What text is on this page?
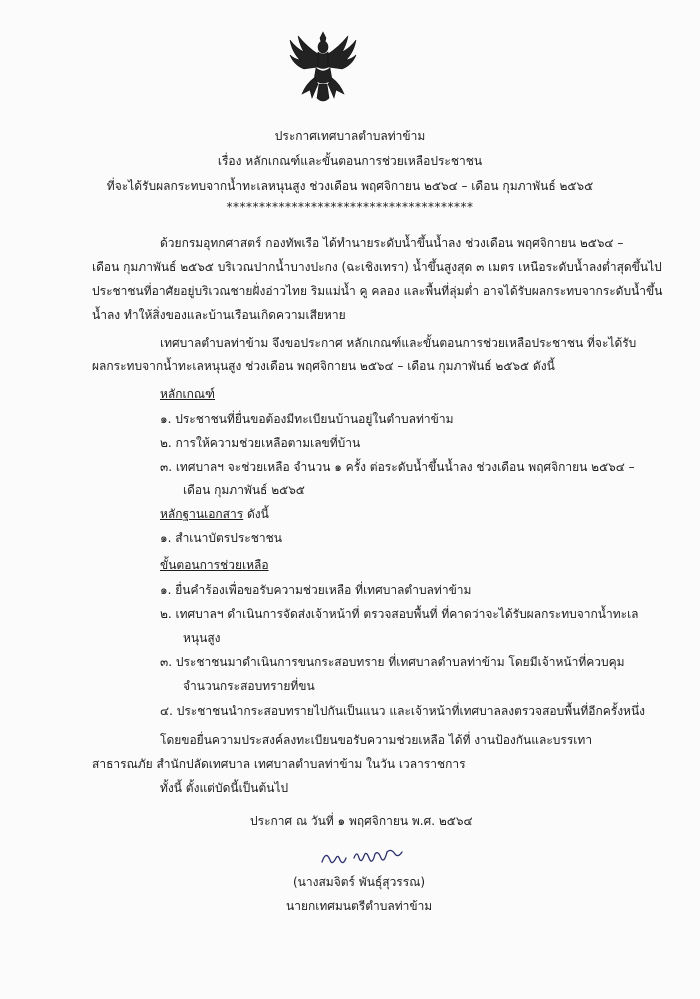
ประกาศเทศบาลตำบลท่าข้าม
เรื่อง หลักเกณฑ์และขั้นตอนการช่วยเหลือประชาชน
ที่จะได้รับผลกระทบจากน้ำทะเลหนุนสูง ช่วงเดือน พฤศจิกายน ๒๕๖๔ – เดือน กุมภาพันธ์ ๒๕๖๕
**************************************
ด้วยกรมอุทกศาสตร์ กองทัพเรือ ได้ทำนายระดับน้ำขึ้นน้ำลง ช่วงเดือน พฤศจิกายน ๒๕๖๔ –
เดือน กุมภาพันธ์ ๒๕๖๕ บริเวณปากน้ำบางปะกง (ฉะเชิงเทรา) น้ำขึ้นสูงสุด ๓ เมตร เหนือระดับน้ำลงต่ำสุดขึ้นไป
ประชาชนที่อาศัยอยู่บริเวณชายฝั่งอ่าวไทย ริมแม่น้ำ คู คลอง และพื้นที่ลุ่มต่ำ อาจได้รับผลกระทบจากระดับน้ำขึ้น
น้ำลง ทำให้สิ่งของและบ้านเรือนเกิดความเสียหาย
เทศบาลตำบลท่าข้าม จึงขอประกาศ หลักเกณฑ์และขั้นตอนการช่วยเหลือประชาชน ที่จะได้รับ
ผลกระทบจากน้ำทะเลหนุนสูง ช่วงเดือน พฤศจิกายน ๒๕๖๔ – เดือน กุมภาพันธ์ ๒๕๖๕ ดังนี้
หลักเกณฑ์
๑. ประชาชนที่ยื่นขอต้องมีทะเบียนบ้านอยู่ในตำบลท่าข้าม
๒. การให้ความช่วยเหลือตามเลขที่บ้าน
๓. เทศบาลฯ จะช่วยเหลือ จำนวน ๑ ครั้ง ต่อระดับน้ำขึ้นน้ำลง ช่วงเดือน พฤศจิกายน ๒๕๖๔ –
เดือน กุมภาพันธ์ ๒๕๖๕
หลักฐานเอกสาร ดังนี้
๑. สำเนาบัตรประชาชน
ขั้นตอนการช่วยเหลือ
๑. ยื่นคำร้องเพื่อขอรับความช่วยเหลือ ที่เทศบาลตำบลท่าข้าม
๒. เทศบาลฯ ดำเนินการจัดส่งเจ้าหน้าที่ ตรวจสอบพื้นที่ ที่คาดว่าจะได้รับผลกระทบจากน้ำทะเล
หนุนสูง
๓. ประชาชนมาดำเนินการขนกระสอบทราย ที่เทศบาลตำบลท่าข้าม โดยมีเจ้าหน้าที่ควบคุม
จำนวนกระสอบทรายที่ขน
๔. ประชาชนนำกระสอบทรายไปกันเป็นแนว และเจ้าหน้าที่เทศบาลลงตรวจสอบพื้นที่อีกครั้งหนึ่ง
โดยขอยื่นความประสงค์ลงทะเบียนขอรับความช่วยเหลือ ได้ที่ งานป้องกันและบรรเทา
สาธารณภัย สำนักปลัดเทศบาล เทศบาลตำบลท่าข้าม ในวัน เวลาราชการ
ทั้งนี้ ตั้งแต่บัดนี้เป็นต้นไป
ประกาศ ณ วันที่ ๑ พฤศจิกายน พ.ศ. ๒๕๖๔
(นางสมจิตร์ พันธุ์สุวรรณ)
นายกเทศมนตรีตำบลท่าข้าม
